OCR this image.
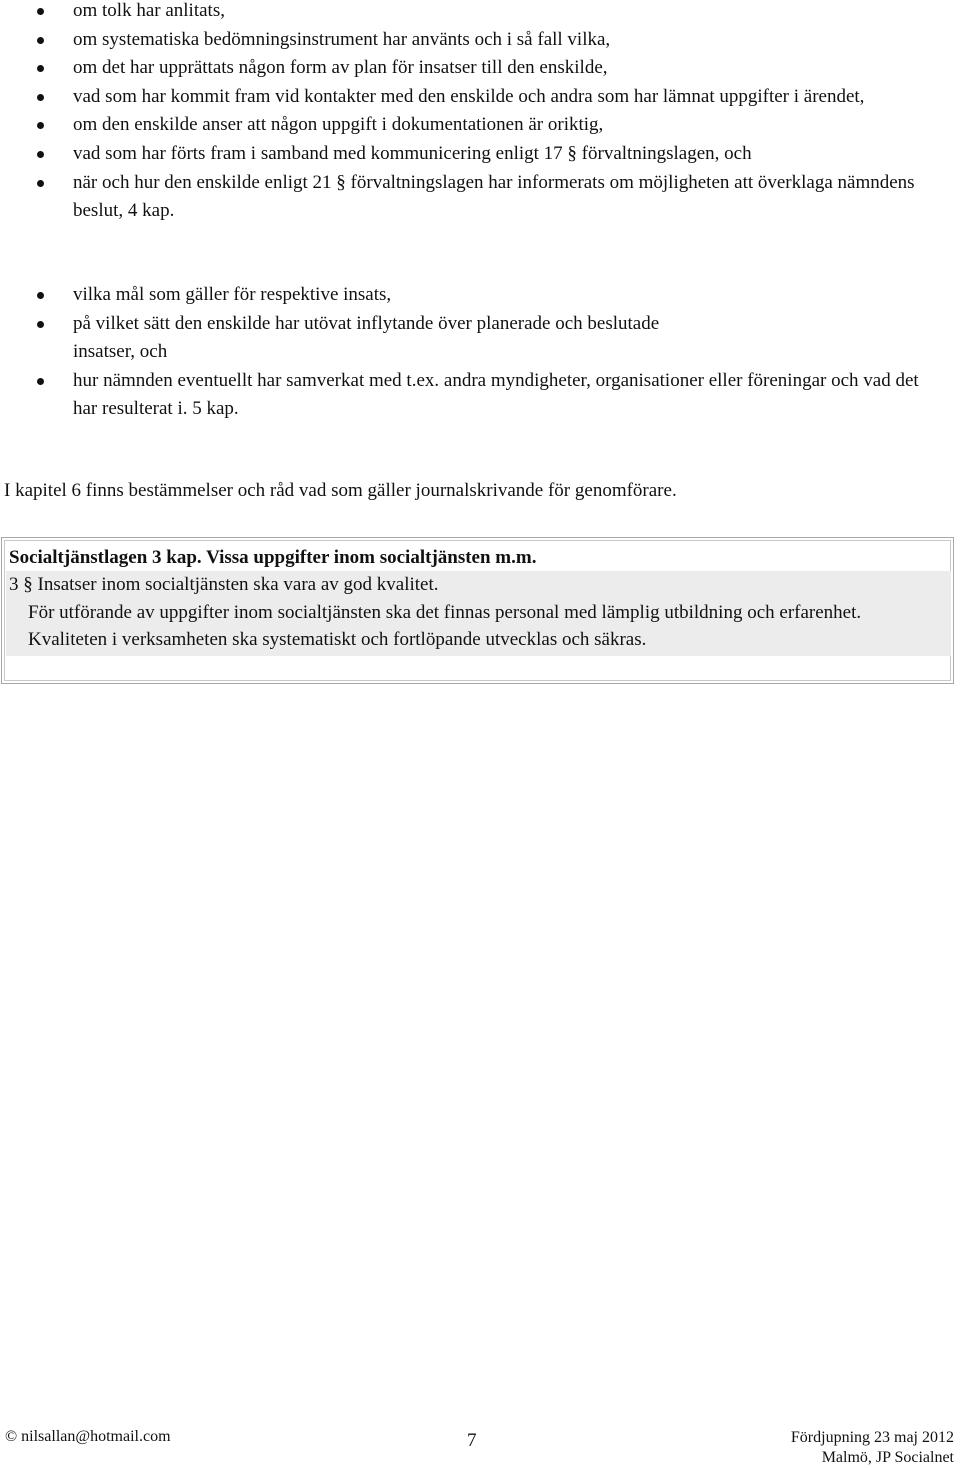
om tolk har anlitats,
om systematiska bedömningsinstrument har använts och i så fall vilka,
om det har upprättats någon form av plan för insatser till den enskilde,
vad som har kommit fram vid kontakter med den enskilde och andra som har lämnat uppgifter i ärendet,
om den enskilde anser att någon uppgift i dokumentationen är oriktig,
vad som har förts fram i samband med kommunicering enligt 17 § förvaltningslagen, och
när och hur den enskilde enligt 21 § förvaltningslagen har informerats om möjligheten att överklaga nämndens beslut, 4 kap.
vilka mål som gäller för respektive insats,
på vilket sätt den enskilde har utövat inflytande över planerade och beslutade insatser, och
hur nämnden eventuellt har samverkat med t.ex. andra myndigheter, organisationer eller föreningar och vad det har resulterat i. 5 kap.

I kapitel 6 finns bestämmelser och råd vad som gäller journalskrivande för genomförare.

Socialtjänstlagen 3 kap. Vissa uppgifter inom socialtjänsten m.m.

3 § Insatser inom socialtjänsten ska vara av god kvalitet.

För utförande av uppgifter inom socialtjänsten ska det finnas personal med lämplig utbildning och erfarenhet.

Kvaliteten i verksamheten ska systematiskt och fortlöpande utvecklas och säkras.

© nilsallan@hotmail.com	7	Fördjupning 23 maj 2012
Malmö, JP Socialnet
